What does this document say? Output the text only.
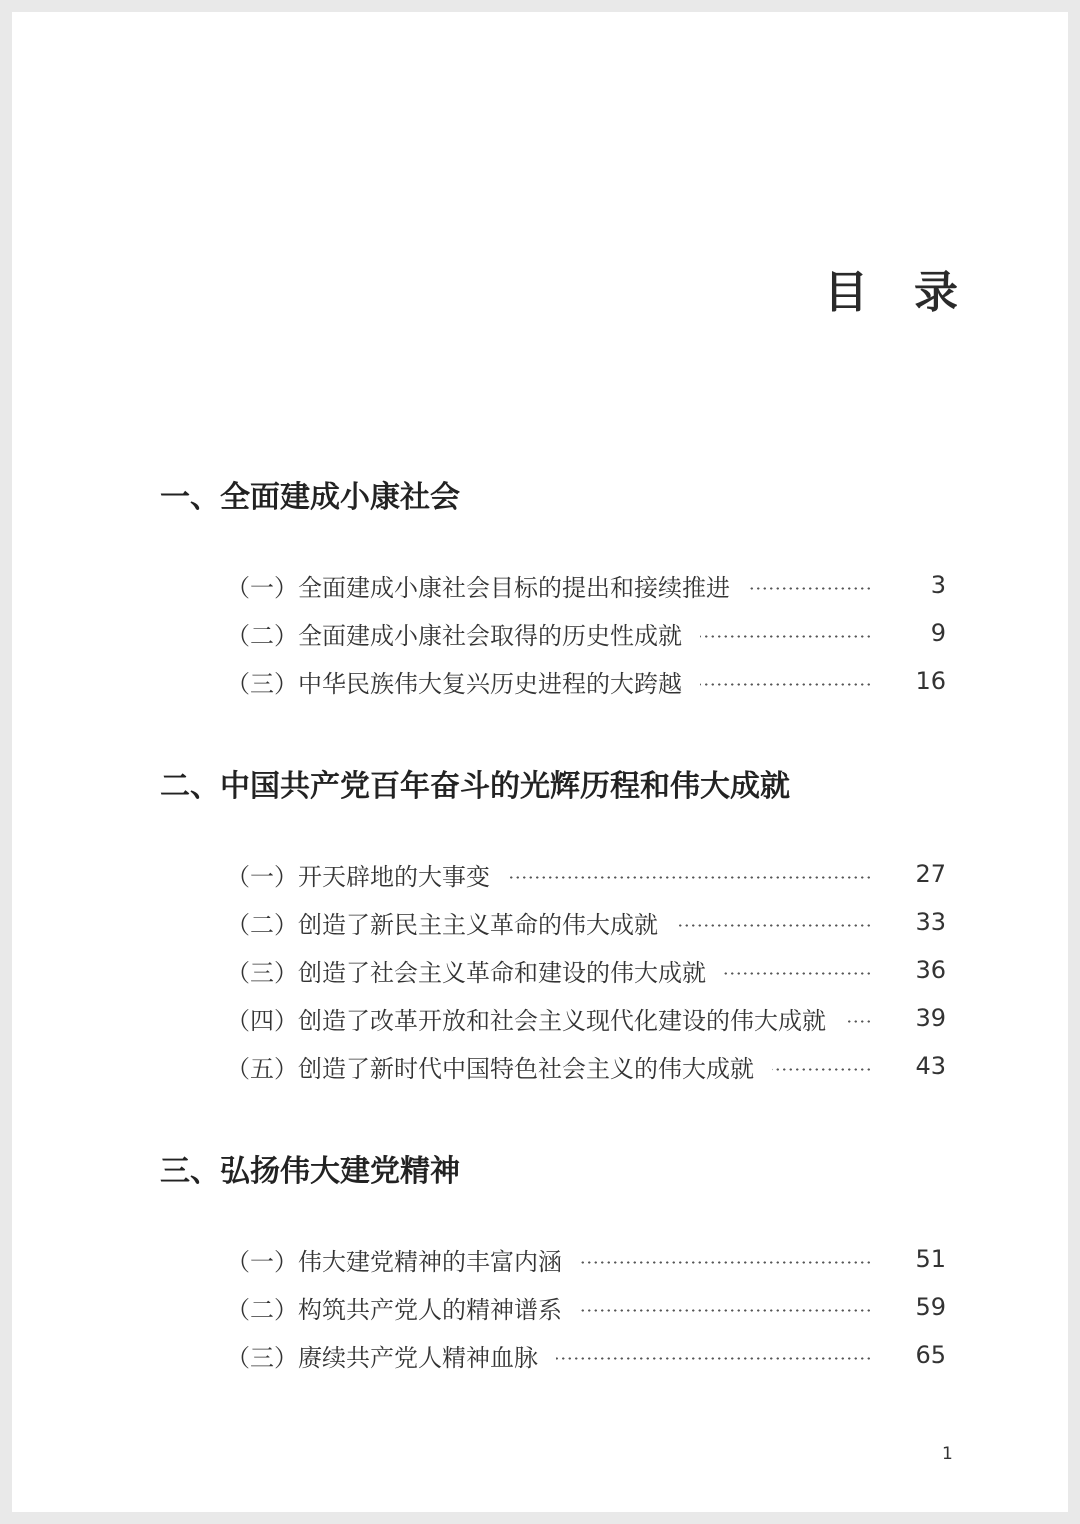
目录
一、全面建成小康社会
（一）全面建成小康社会目标的提出和接续推进	3
（二）全面建成小康社会取得的历史性成就	9
（三）中华民族伟大复兴历史进程的大跨越	16
二、中国共产党百年奋斗的光辉历程和伟大成就
（一）开天辟地的大事变	27
（二）创造了新民主主义革命的伟大成就	33
（三）创造了社会主义革命和建设的伟大成就	36
（四）创造了改革开放和社会主义现代化建设的伟大成就	39
（五）创造了新时代中国特色社会主义的伟大成就	43
三、弘扬伟大建党精神
（一）伟大建党精神的丰富内涵	51
（二）构筑共产党人的精神谱系	59
（三）赓续共产党人精神血脉	65
1
